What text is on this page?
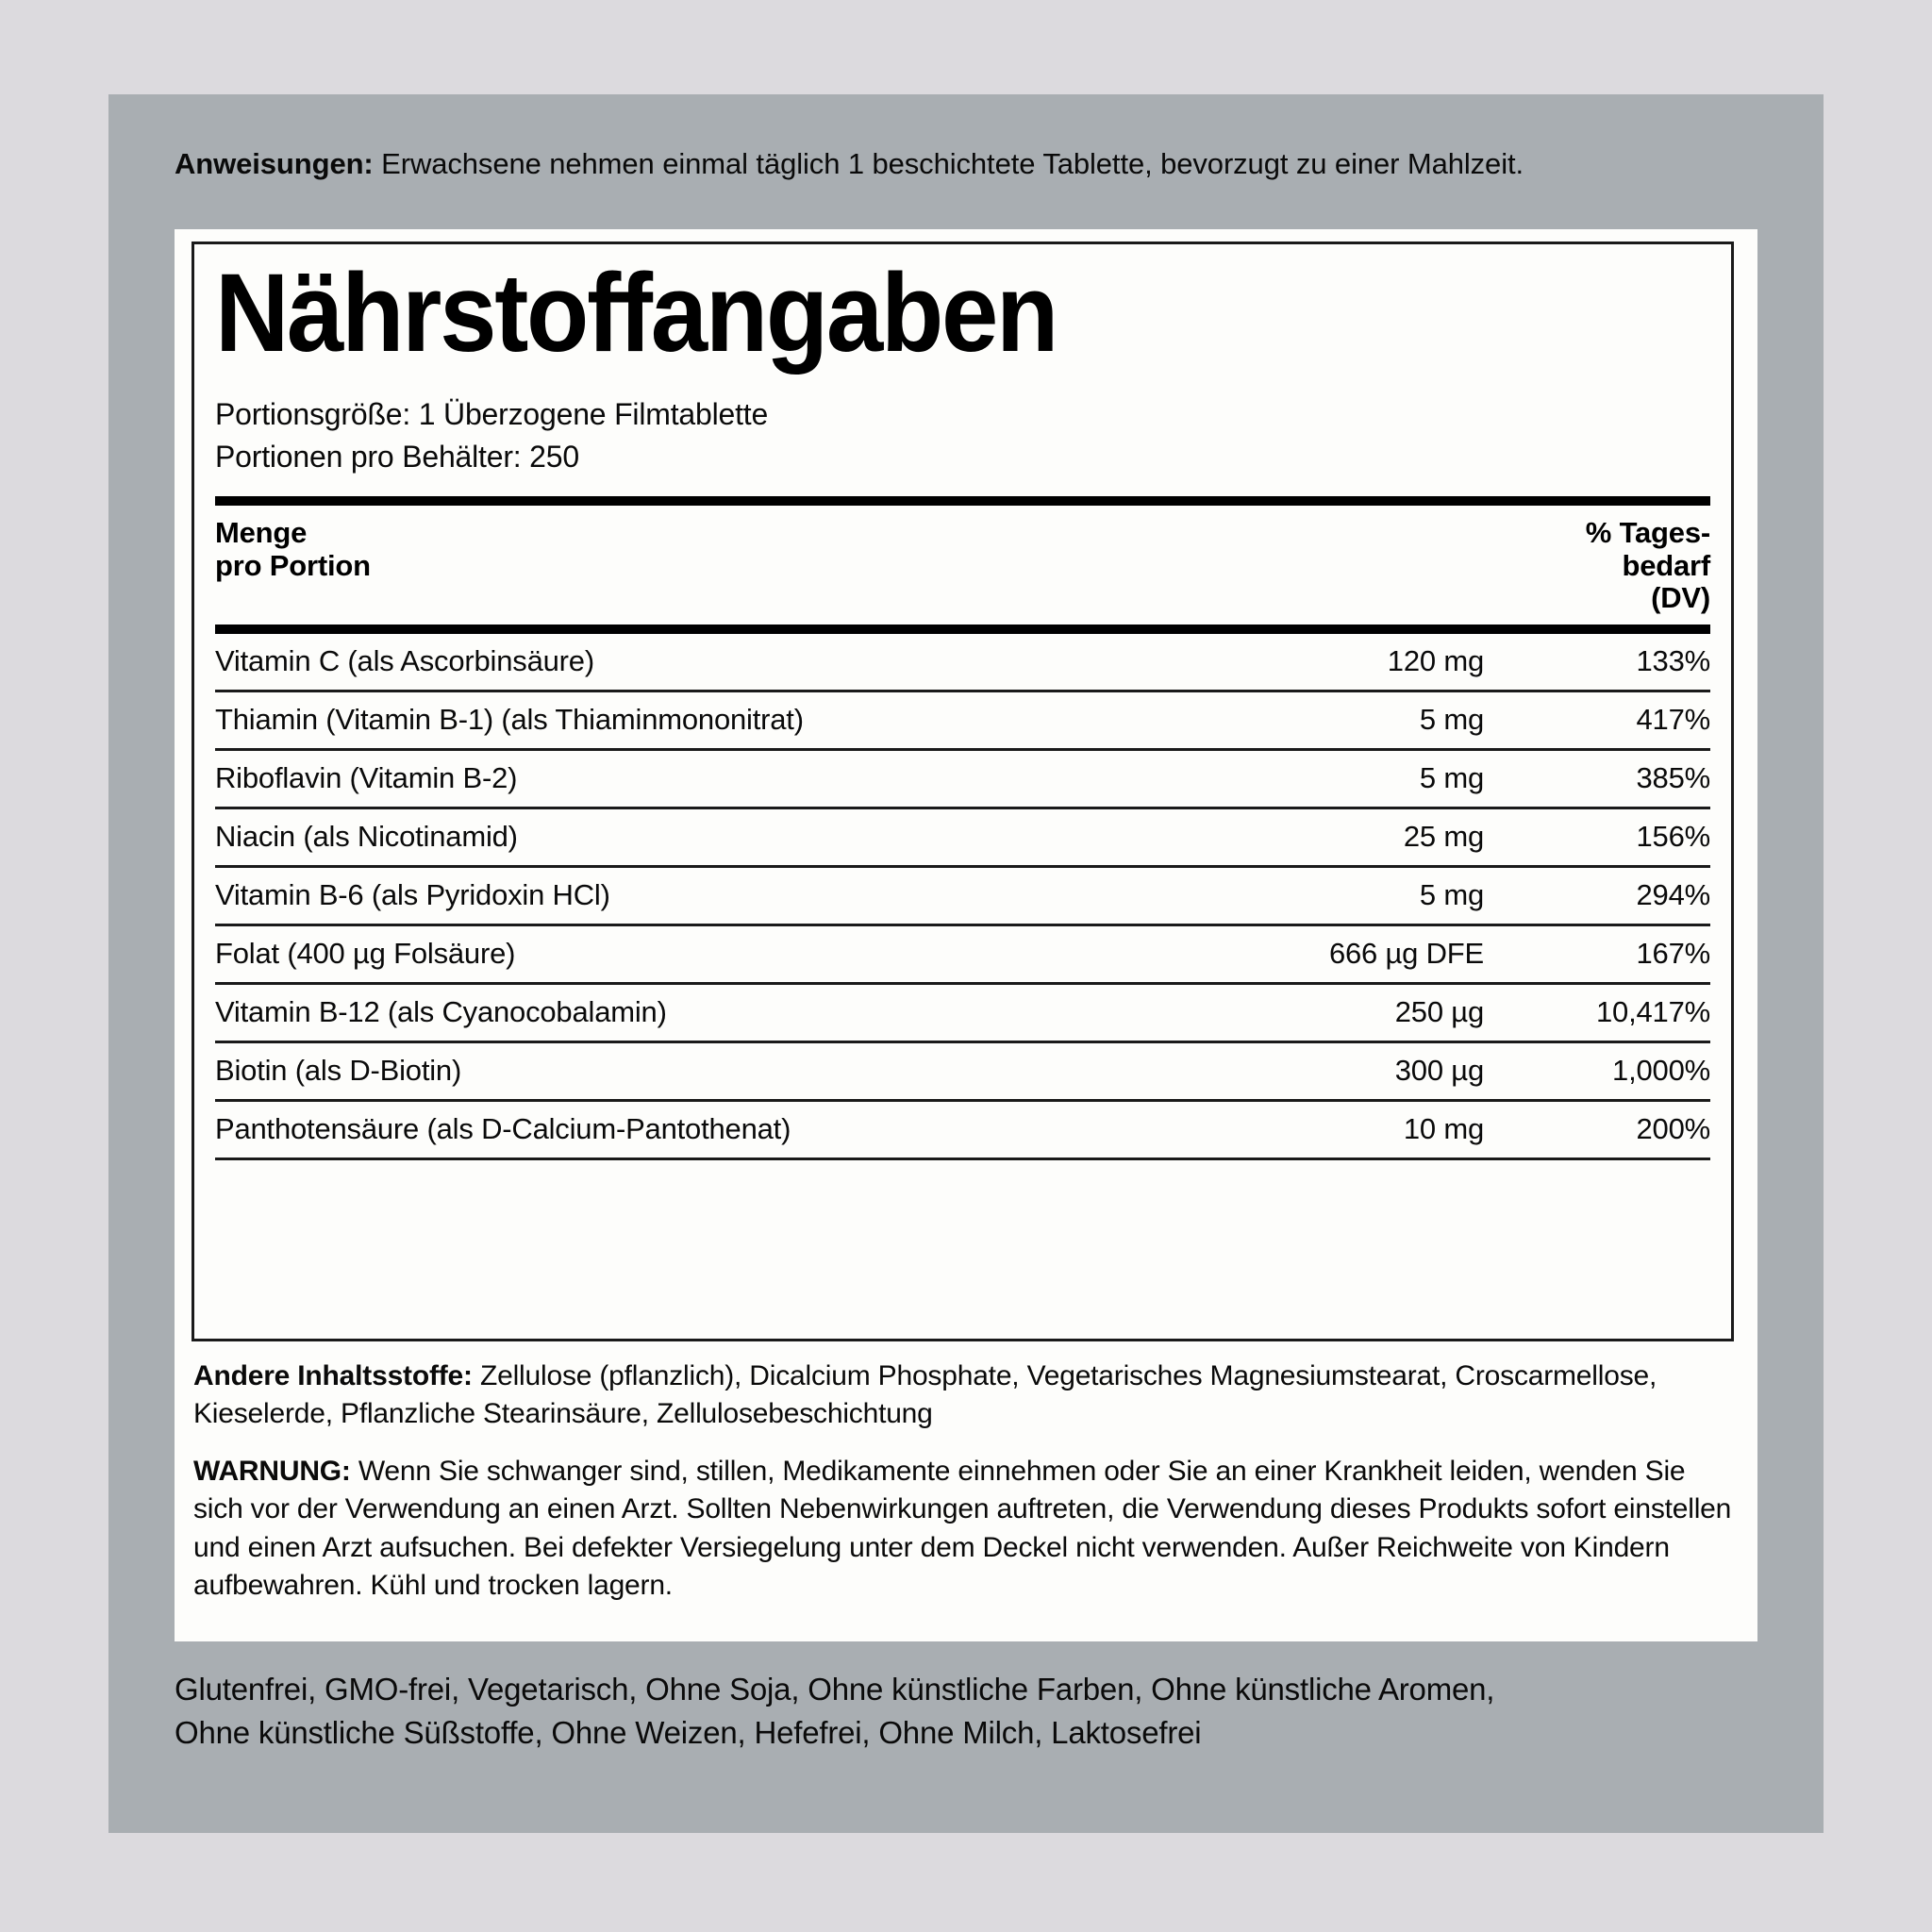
Anweisungen: Erwachsene nehmen einmal täglich 1 beschichtete Tablette, bevorzugt zu einer Mahlzeit.
Nährstoffangaben
Portionsgröße: 1 Überzogene Filmtablette
Portionen pro Behälter: 250
Menge
pro Portion
% Tages-
bedarf
(DV)
Vitamin C (als Ascorbinsäure)	120 mg	133%
Thiamin (Vitamin B-1) (als Thiaminmononitrat)	5 mg	417%
Riboflavin (Vitamin B-2)	5 mg	385%
Niacin (als Nicotinamid)	25 mg	156%
Vitamin B-6 (als Pyridoxin HCl)	5 mg	294%
Folat (400 µg Folsäure)	666 µg DFE	167%
Vitamin B-12 (als Cyanocobalamin)	250 µg	10,417%
Biotin (als D-Biotin)	300 µg	1,000%
Panthotensäure (als D-Calcium-Pantothenat)	10 mg	200%
Andere Inhaltsstoffe: Zellulose (pflanzlich), Dicalcium Phosphate, Vegetarisches Magnesiumstearat, Croscarmellose, Kieselerde, Pflanzliche Stearinsäure, Zellulosebeschichtung
WARNUNG: Wenn Sie schwanger sind, stillen, Medikamente einnehmen oder Sie an einer Krankheit leiden, wenden Sie sich vor der Verwendung an einen Arzt. Sollten Nebenwirkungen auftreten, die Verwendung dieses Produkts sofort einstellen und einen Arzt aufsuchen. Bei defekter Versiegelung unter dem Deckel nicht verwenden. Außer Reichweite von Kindern aufbewahren. Kühl und trocken lagern.
Glutenfrei, GMO-frei, Vegetarisch, Ohne Soja, Ohne künstliche Farben, Ohne künstliche Aromen,
Ohne künstliche Süßstoffe, Ohne Weizen, Hefefrei, Ohne Milch, Laktosefrei
